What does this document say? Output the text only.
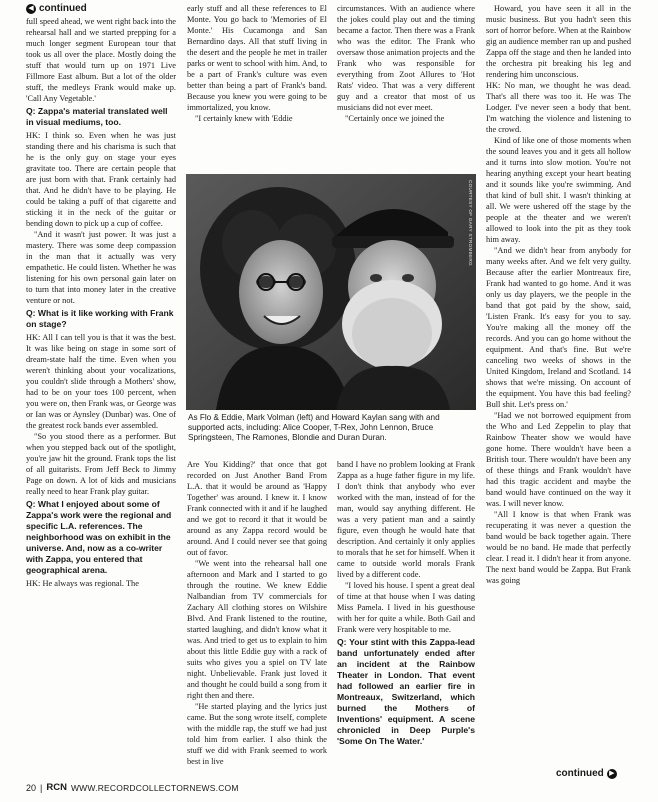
◀ continued

full speed ahead, we went right back into the rehearsal hall and we started prepping for a much longer segment European tour that took us all over the place. Mostly doing the stuff that would turn up on 1971 Live Fillmore East album. But a lot of the older stuff, the medleys Frank would make up. 'Call Any Vegetable.'

Q: Zappa's material translated well in visual mediums, too.

HK: I think so. Even when he was just standing there and his charisma is such that he is the only guy on stage your eyes gravitate too. There are certain people that are just born with that. Frank certainly had that. And he didn't have to be playing. He could be taking a puff of that cigarette and sticking it in the neck of the guitar or bending down to pick up a cup of coffee.

"And it wasn't just power. It was just a mastery. There was some deep compassion in the man that it actually was very empathetic. He could listen. Whether he was listening for his own personal gain later on to turn that into money later in the creative venture or not.

Q: What is it like working with Frank on stage?

HK: All I can tell you is that it was the best. It was like being on stage in some sort of dream-state half the time. Even when you weren't thinking about your vocalizations, you couldn't slide through a Mothers' show, had to be on your toes 100 percent, when you were on, then Frank was, or George was or Ian was or Aynsley (Dunbar) was. One of the greatest rock bands ever assembled.

"So you stood there as a performer. But when you stepped back out of the spotlight, you're jaw hit the ground. Frank tops the list of all guitarists. From Jeff Beck to Jimmy Page on down. A lot of kids and musicians really need to hear Frank play guitar.

Q: What I enjoyed about some of Zappa's work were the regional and specific L.A. references. The neighborhood was on exhibit in the universe. And, now as a co-writer with Zappa, you entered that geographical arena.

HK: He always was regional. The

early stuff and all these references to El Monte. You go back to 'Memories of El Monte.' His Cucamonga and San Bernardino days. All that stuff living in the desert and the people he met in trailer parks or went to school with him. And, to be a part of Frank's culture was even better than being a part of Frank's band. Because you knew you were going to be immortalized, you know.

"I certainly knew with 'Eddie

circumstances. With an audience where the jokes could play out and the timing became a factor. Then there was a Frank who was the editor. The Frank who oversaw those animation projects and the Frank who was responsible for everything from Zoot Allures to 'Hot Rats' video. That was a very different guy and a creator that most of us musicians did not ever meet.

"Certainly once we joined the

COURTESY OF GARY STROMBERG
As Flo & Eddie, Mark Volman (left) and Howard Kaylan sang with and supported acts, including: Alice Cooper, T-Rex, John Lennon, Bruce Springsteen, The Ramones, Blondie and Duran Duran.

Are You Kidding?' that once that got recorded on Just Another Band From L.A. that it would be around as 'Happy Together' was around. I knew it. I know Frank connected with it and if he laughed and we got to record it that it would be around as any Zappa record would be around. And I could never see that going out of favor.

"We went into the rehearsal hall one afternoon and Mark and I started to go through the routine. We knew Eddie Nalbandian from TV commercials for Zachary All clothing stores on Wilshire Blvd. And Frank listened to the routine, started laughing, and didn't know what it was. And tried to get us to explain to him about this little Eddie guy with a rack of suits who gives you a spiel on TV late night. Unbelievable. Frank just loved it and thought he could build a song from it right then and there.

"He started playing and the lyrics just came. But the song wrote itself, complete with the middle rap, the stuff we had just told him from earlier. I also think the stuff we did with Frank seemed to work best in live

band I have no problem looking at Frank Zappa as a huge father figure in my life. I don't think that anybody who ever worked with the man, instead of for the man, would say anything different. He was a very patient man and a saintly figure, even though he would hate that description. And certainly it only applies to morals that he set for himself. When it came to outside world morals Frank lived by a different code.

"I loved his house. I spent a great deal of time at that house when I was dating Miss Pamela. I lived in his guesthouse with her for quite a while. Both Gail and Frank were very hospitable to me.

Q: Your stint with this Zappa-lead band unfortunately ended after an incident at the Rainbow Theater in London. That event had followed an earlier fire in Montreaux, Switzerland, which burned the Mothers of Inventions' equipment. A scene chronicled in Deep Purple's 'Some On The Water.'

Howard, you have seen it all in the music business. But you hadn't seen this sort of horror before. When at the Rainbow gig an audience member ran up and pushed Zappa off the stage and then he landed into the orchestra pit breaking his leg and rendering him unconscious.

HK: No man, we thought he was dead. That's all there was too it. He was The Lodger. I've never seen a body that bent. I'm watching the violence and listening to the crowd.

Kind of like one of those moments when the sound leaves you and it gets all hollow and it turns into slow motion. You're not hearing anything except your heart beating and it sounds like you're swimming. And that kind of bull shit. I wasn't thinking at all. We were ushered off the stage by the people at the theater and we weren't allowed to look into the pit as they took him away.

"And we didn't hear from anybody for many weeks after. And we felt very guilty. Because after the earlier Montreaux fire, Frank had wanted to go home. And it was only us day players, we the people in the band that got paid by the show, said, 'Listen Frank. It's easy for you to say. You're making all the money off the records. And you can go home without the equipment. And that's fine. But we're canceling two weeks of shows in the United Kingdom, Ireland and Scotland. 14 shows that we're missing. On account of the equipment. You have this bad feeling? Bull shit. Let's press on.'

"Had we not borrowed equipment from the Who and Led Zeppelin to play that Rainbow Theater show we would have gone home. There wouldn't have been a British tour. There wouldn't have been any of these things and Frank wouldn't have had this tragic accident and maybe the band would have continued on the way it was. I will never know.

"All I know is that when Frank was recuperating it was never a question the band would be back together again. There would be no band. He made that perfectly clear. I read it. I didn't hear it from anyone. The next band would be Zappa. But Frank was going

continued ▶
20 | RCN WWW.RECORDCOLLECTORNEWS.COM
